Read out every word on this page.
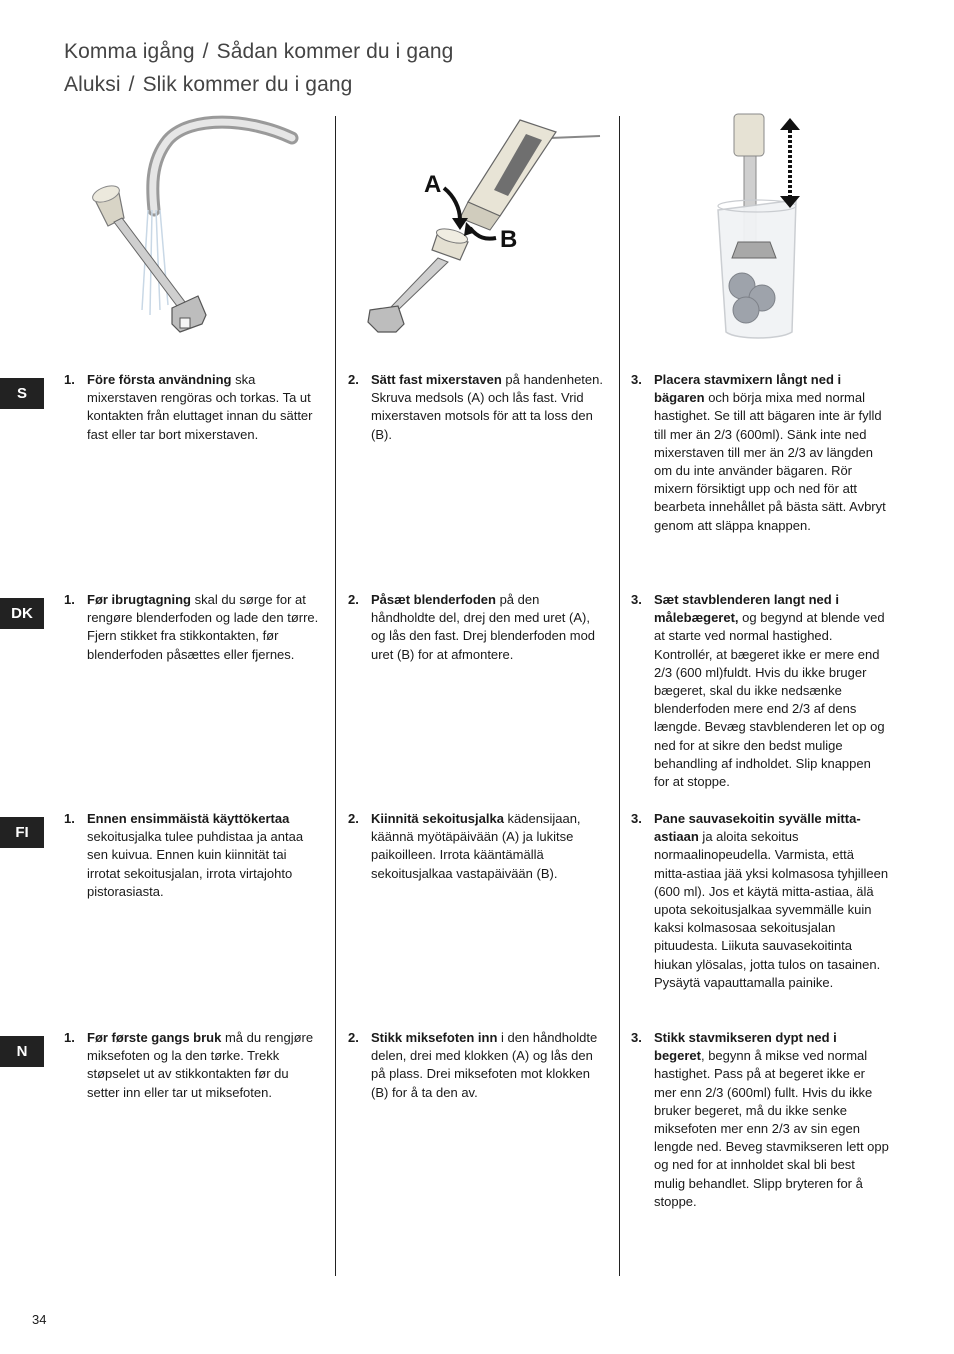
Komma igång / Sådan kommer du i gang
Aluksi / Slik kommer du i gang
A
B
S
1. Före första användning ska mixerstaven rengöras och torkas. Ta ut kontakten från eluttaget innan du sätter fast eller tar bort mixerstaven.
2. Sätt fast mixerstaven på handenheten. Skruva medsols (A) och lås fast. Vrid mixerstaven motsols för att ta loss den (B).
3. Placera stavmixern långt ned i bägaren och börja mixa med normal hastighet. Se till att bägaren inte är fylld till mer än 2/3 (600ml). Sänk inte ned mixerstaven till mer än 2/3 av längden om du inte använder bägaren. Rör mixern försiktigt upp och ned för att bearbeta innehållet på bästa sätt. Avbryt genom att släppa knappen.
DK
1. Før ibrugtagning skal du sørge for at rengøre blenderfoden og lade den tørre. Fjern stikket fra stikkontakten, før blenderfoden påsættes eller fjernes.
2. Påsæt blenderfoden på den håndholdte del, drej den med uret (A), og lås den fast. Drej blenderfoden mod uret (B) for at afmontere.
3. Sæt stavblenderen langt ned i målebægeret, og begynd at blende ved at starte ved normal hastighed. Kontrollér, at bægeret ikke er mere end 2/3 (600 ml)fuldt. Hvis du ikke bruger bægeret, skal du ikke nedsænke blenderfoden mere end 2/3 af dens længde. Bevæg stavblenderen let op og ned for at sikre den bedst mulige behandling af indholdet. Slip knappen for at stoppe.
FI
1. Ennen ensimmäistä käyttökertaa sekoitusjalka tulee puhdistaa ja antaa sen kuivua. Ennen kuin kiinnität tai irrotat sekoitusjalan, irrota virtajohto pistorasiasta.
2. Kiinnitä sekoitusjalka kädensijaan, käännä myötäpäivään (A) ja lukitse paikoilleen. Irrota kääntämällä sekoitusjalkaa vastapäivään (B).
3. Pane sauvasekoitin syvälle mitta-astiaan ja aloita sekoitus normaalinopeudella. Varmista, että mitta-astiaa jää yksi kolmasosa tyhjilleen (600 ml). Jos et käytä mitta-astiaa, älä upota sekoitusjalkaa syvemmälle kuin kaksi kolmasosaa sekoitusjalan pituudesta. Liikuta sauvasekoitinta hiukan ylösalas, jotta tulos on tasainen. Pysäytä vapauttamalla painike.
N
1. Før første gangs bruk må du rengjøre miksefoten og la den tørke. Trekk støpselet ut av stikkontakten før du setter inn eller tar ut miksefoten.
2. Stikk miksefoten inn i den håndholdte delen, drei med klokken (A) og lås den på plass. Drei miksefoten mot klokken (B) for å ta den av.
3. Stikk stavmikseren dypt ned i begeret, begynn å mikse ved normal hastighet. Pass på at begeret ikke er mer enn 2/3 (600ml) fullt. Hvis du ikke bruker begeret, må du ikke senke miksefoten mer enn 2/3 av sin egen lengde ned. Beveg stavmikseren lett opp og ned for at innholdet skal bli best mulig behandlet. Slipp bryteren for å stoppe.
34
